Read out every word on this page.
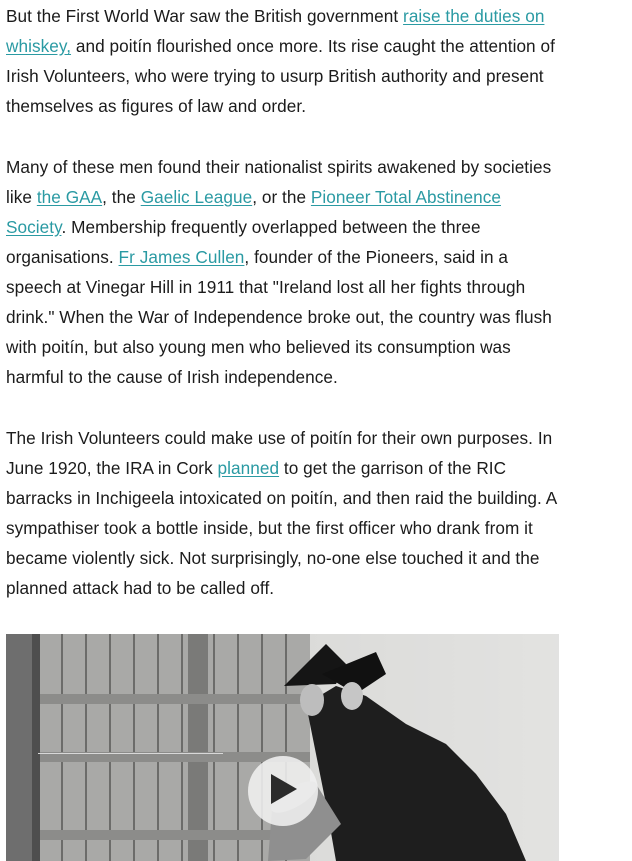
But the First World War saw the British government raise the duties on whiskey, and poitín flourished once more. Its rise caught the attention of Irish Volunteers, who were trying to usurp British authority and present themselves as figures of law and order.

Many of these men found their nationalist spirits awakened by societies like the GAA, the Gaelic League, or the Pioneer Total Abstinence Society. Membership frequently overlapped between the three organisations. Fr James Cullen, founder of the Pioneers, said in a speech at Vinegar Hill in 1911 that "Ireland lost all her fights through drink." When the War of Independence broke out, the country was flush with poitín, but also young men who believed its consumption was harmful to the cause of Irish independence.

The Irish Volunteers could make use of poitín for their own purposes. In June 1920, the IRA in Cork planned to get the garrison of the RIC barracks in Inchigeela intoxicated on poitín, and then raid the building. A sympathiser took a bottle inside, but the first officer who drank from it became violently sick. Not surprisingly, no-one else touched it and the planned attack had to be called off.
